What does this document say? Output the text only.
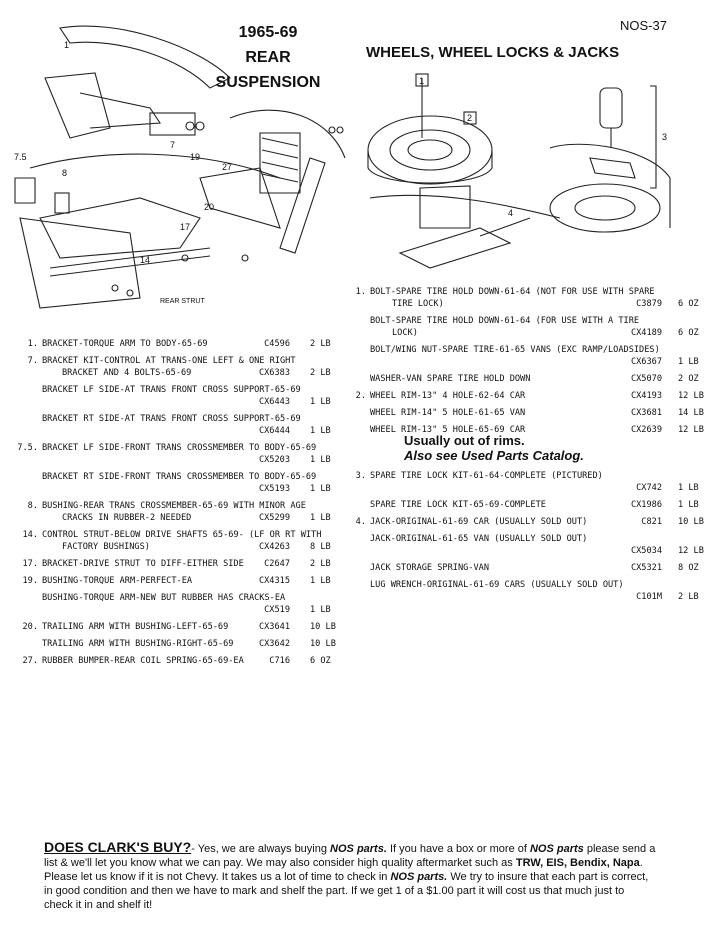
NOS-37
1965-69
REAR
SUSPENSION
WHEELS, WHEEL LOCKS & JACKS
1
7
7.5
8
19
27
20
17
14
REAR STRUT
1
2
3
4
1. BOLT-SPARE TIRE HOLD DOWN-61-64 (NOT FOR USE WITH SPARE
TIRE LOCK)	C3879 6 OZ
BOLT-SPARE TIRE HOLD DOWN-61-64 (FOR USE WITH A TIRE
LOCK)	CX4189 6 OZ
BOLT/WING NUT-SPARE TIRE-61-65 VANS (EXC RAMP/LOADSIDES)
CX6367 1 LB
WASHER-VAN SPARE TIRE HOLD DOWN	CX5070 2 OZ
2. WHEEL RIM-13" 4 HOLE-62-64 CAR	CX4193 12 LB
WHEEL RIM-14" 5 HOLE-61-65 VAN	CX3681 14 LB
WHEEL RIM-13" 5 HOLE-65-69 CAR	CX2639 12 LB
Usually out of rims.
Also see Used Parts Catalog.
3. SPARE TIRE LOCK KIT-61-64-COMPLETE (PICTURED)
CX742 1 LB
SPARE TIRE LOCK KIT-65-69-COMPLETE	CX1986 1 LB
4. JACK-ORIGINAL-61-69 CAR (USUALLY SOLD OUT)	C821 10 LB
JACK-ORIGINAL-61-65 VAN (USUALLY SOLD OUT)
CX5034 12 LB
JACK STORAGE SPRING-VAN	CX5321 8 OZ
LUG WRENCH-ORIGINAL-61-69 CARS (USUALLY SOLD OUT)
C101M 2 LB
1. BRACKET-TORQUE ARM TO BODY-65-69	C4596 2 LB
7. BRACKET KIT-CONTROL AT TRANS-ONE LEFT & ONE RIGHT
BRACKET AND 4 BOLTS-65-69	CX6383 2 LB
BRACKET LF SIDE-AT TRANS FRONT CROSS SUPPORT-65-69
CX6443 1 LB
BRACKET RT SIDE-AT TRANS FRONT CROSS SUPPORT-65-69
CX6444 1 LB
7.5. BRACKET LF SIDE-FRONT TRANS CROSSMEMBER TO BODY-65-69
CX5203 1 LB
BRACKET RT SIDE-FRONT TRANS CROSSMEMBER TO BODY-65-69
CX5193 1 LB
8. BUSHING-REAR TRANS CROSSMEMBER-65-69 WITH MINOR AGE
CRACKS IN RUBBER-2 NEEDED	CX5299 1 LB
14. CONTROL STRUT-BELOW DRIVE SHAFTS 65-69- (LF OR RT WITH
FACTORY BUSHINGS)	CX4263 8 LB
17. BRACKET-DRIVE STRUT TO DIFF-EITHER SIDE	C2647 2 LB
19. BUSHING-TORQUE ARM-PERFECT-EA	CX4315 1 LB
BUSHING-TORQUE ARM-NEW BUT RUBBER HAS CRACKS-EA
CX519 1 LB
20. TRAILING ARM WITH BUSHING-LEFT-65-69	CX3641 10 LB
TRAILING ARM WITH BUSHING-RIGHT-65-69	CX3642 10 LB
27. RUBBER BUMPER-REAR COIL SPRING-65-69-EA	C716 6 OZ
DOES CLARK'S BUY?- Yes, we are always buying NOS parts. If you have a box or more of NOS parts please send a list & we'll let you know what we can pay. We may also consider high quality aftermarket such as TRW, EIS, Bendix, Napa. Please let us know if it is not Chevy. It takes us a lot of time to check in NOS parts. We try to insure that each part is correct, in good condition and then we have to mark and shelf the part. If we get 1 of a $1.00 part it will cost us that much just to check it in and shelf it!
